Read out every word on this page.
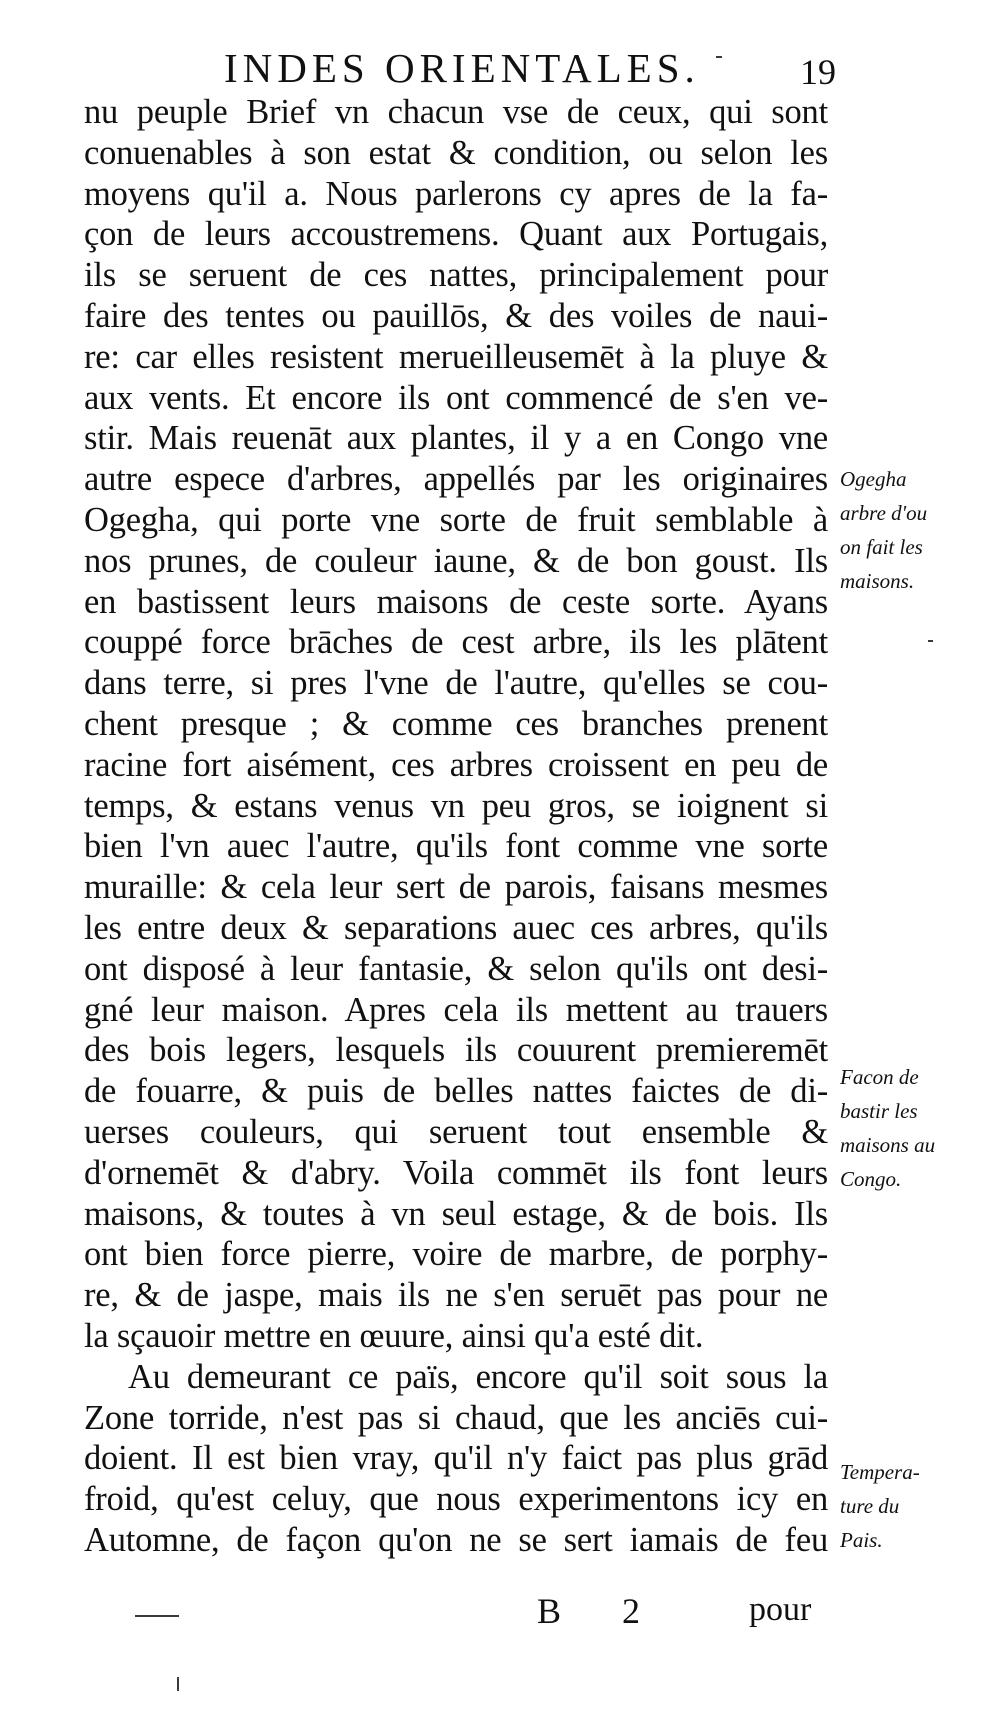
INDES ORIENTALES.	19
nu peuple Brief vn chacun vse de ceux, qui sont
conuenables à son estat & condition, ou selon les
moyens qu'il a. Nous parlerons cy apres de la fa-
çon de leurs accoustremens. Quant aux Portugais,
ils se seruent de ces nattes, principalement pour
faire des tentes ou pauillōs, & des voiles de naui-
re: car elles resistent merueilleusemēt à la pluye &
aux vents. Et encore ils ont commencé de s'en ve-
stir. Mais reuenāt aux plantes, il y a en Congo vne
autre espece d'arbres, appellés par les originaires
Ogegha, qui porte vne sorte de fruit semblable à
nos prunes, de couleur iaune, & de bon goust. Ils
en bastissent leurs maisons de ceste sorte. Ayans
couppé force brāches de cest arbre, ils les plātent
dans terre, si pres l'vne de l'autre, qu'elles se cou-
chent presque ; & comme ces branches prenent
racine fort aisément, ces arbres croissent en peu de
temps, & estans venus vn peu gros, se ioignent si
bien l'vn auec l'autre, qu'ils font comme vne sorte
muraille: & cela leur sert de parois, faisans mesmes
les entre deux & separations auec ces arbres, qu'ils
ont disposé à leur fantasie, & selon qu'ils ont desi-
gné leur maison. Apres cela ils mettent au trauers
des bois legers, lesquels ils couurent premieremēt
de fouarre, & puis de belles nattes faictes de di-
uerses couleurs, qui seruent tout ensemble &
d'ornemēt & d'abry. Voila commēt ils font leurs
maisons, & toutes à vn seul estage, & de bois. Ils
ont bien force pierre, voire de marbre, de porphy-
re, & de jaspe, mais ils ne s'en seruēt pas pour ne
la sçauoir mettre en œuure, ainsi qu'a esté dit.
Au demeurant ce païs, encore qu'il soit sous la
Zone torride, n'est pas si chaud, que les anciēs cui-
doient. Il est bien vray, qu'il n'y faict pas plus grād
froid, qu'est celuy, que nous experimentons icy en
Automne, de façon qu'on ne se sert iamais de feu
Ogegha
arbre d'ou
on fait les
maisons.
Facon de
bastir les
maisons au
Congo.
Tempera-
ture du
Pais.
B 2 pour
